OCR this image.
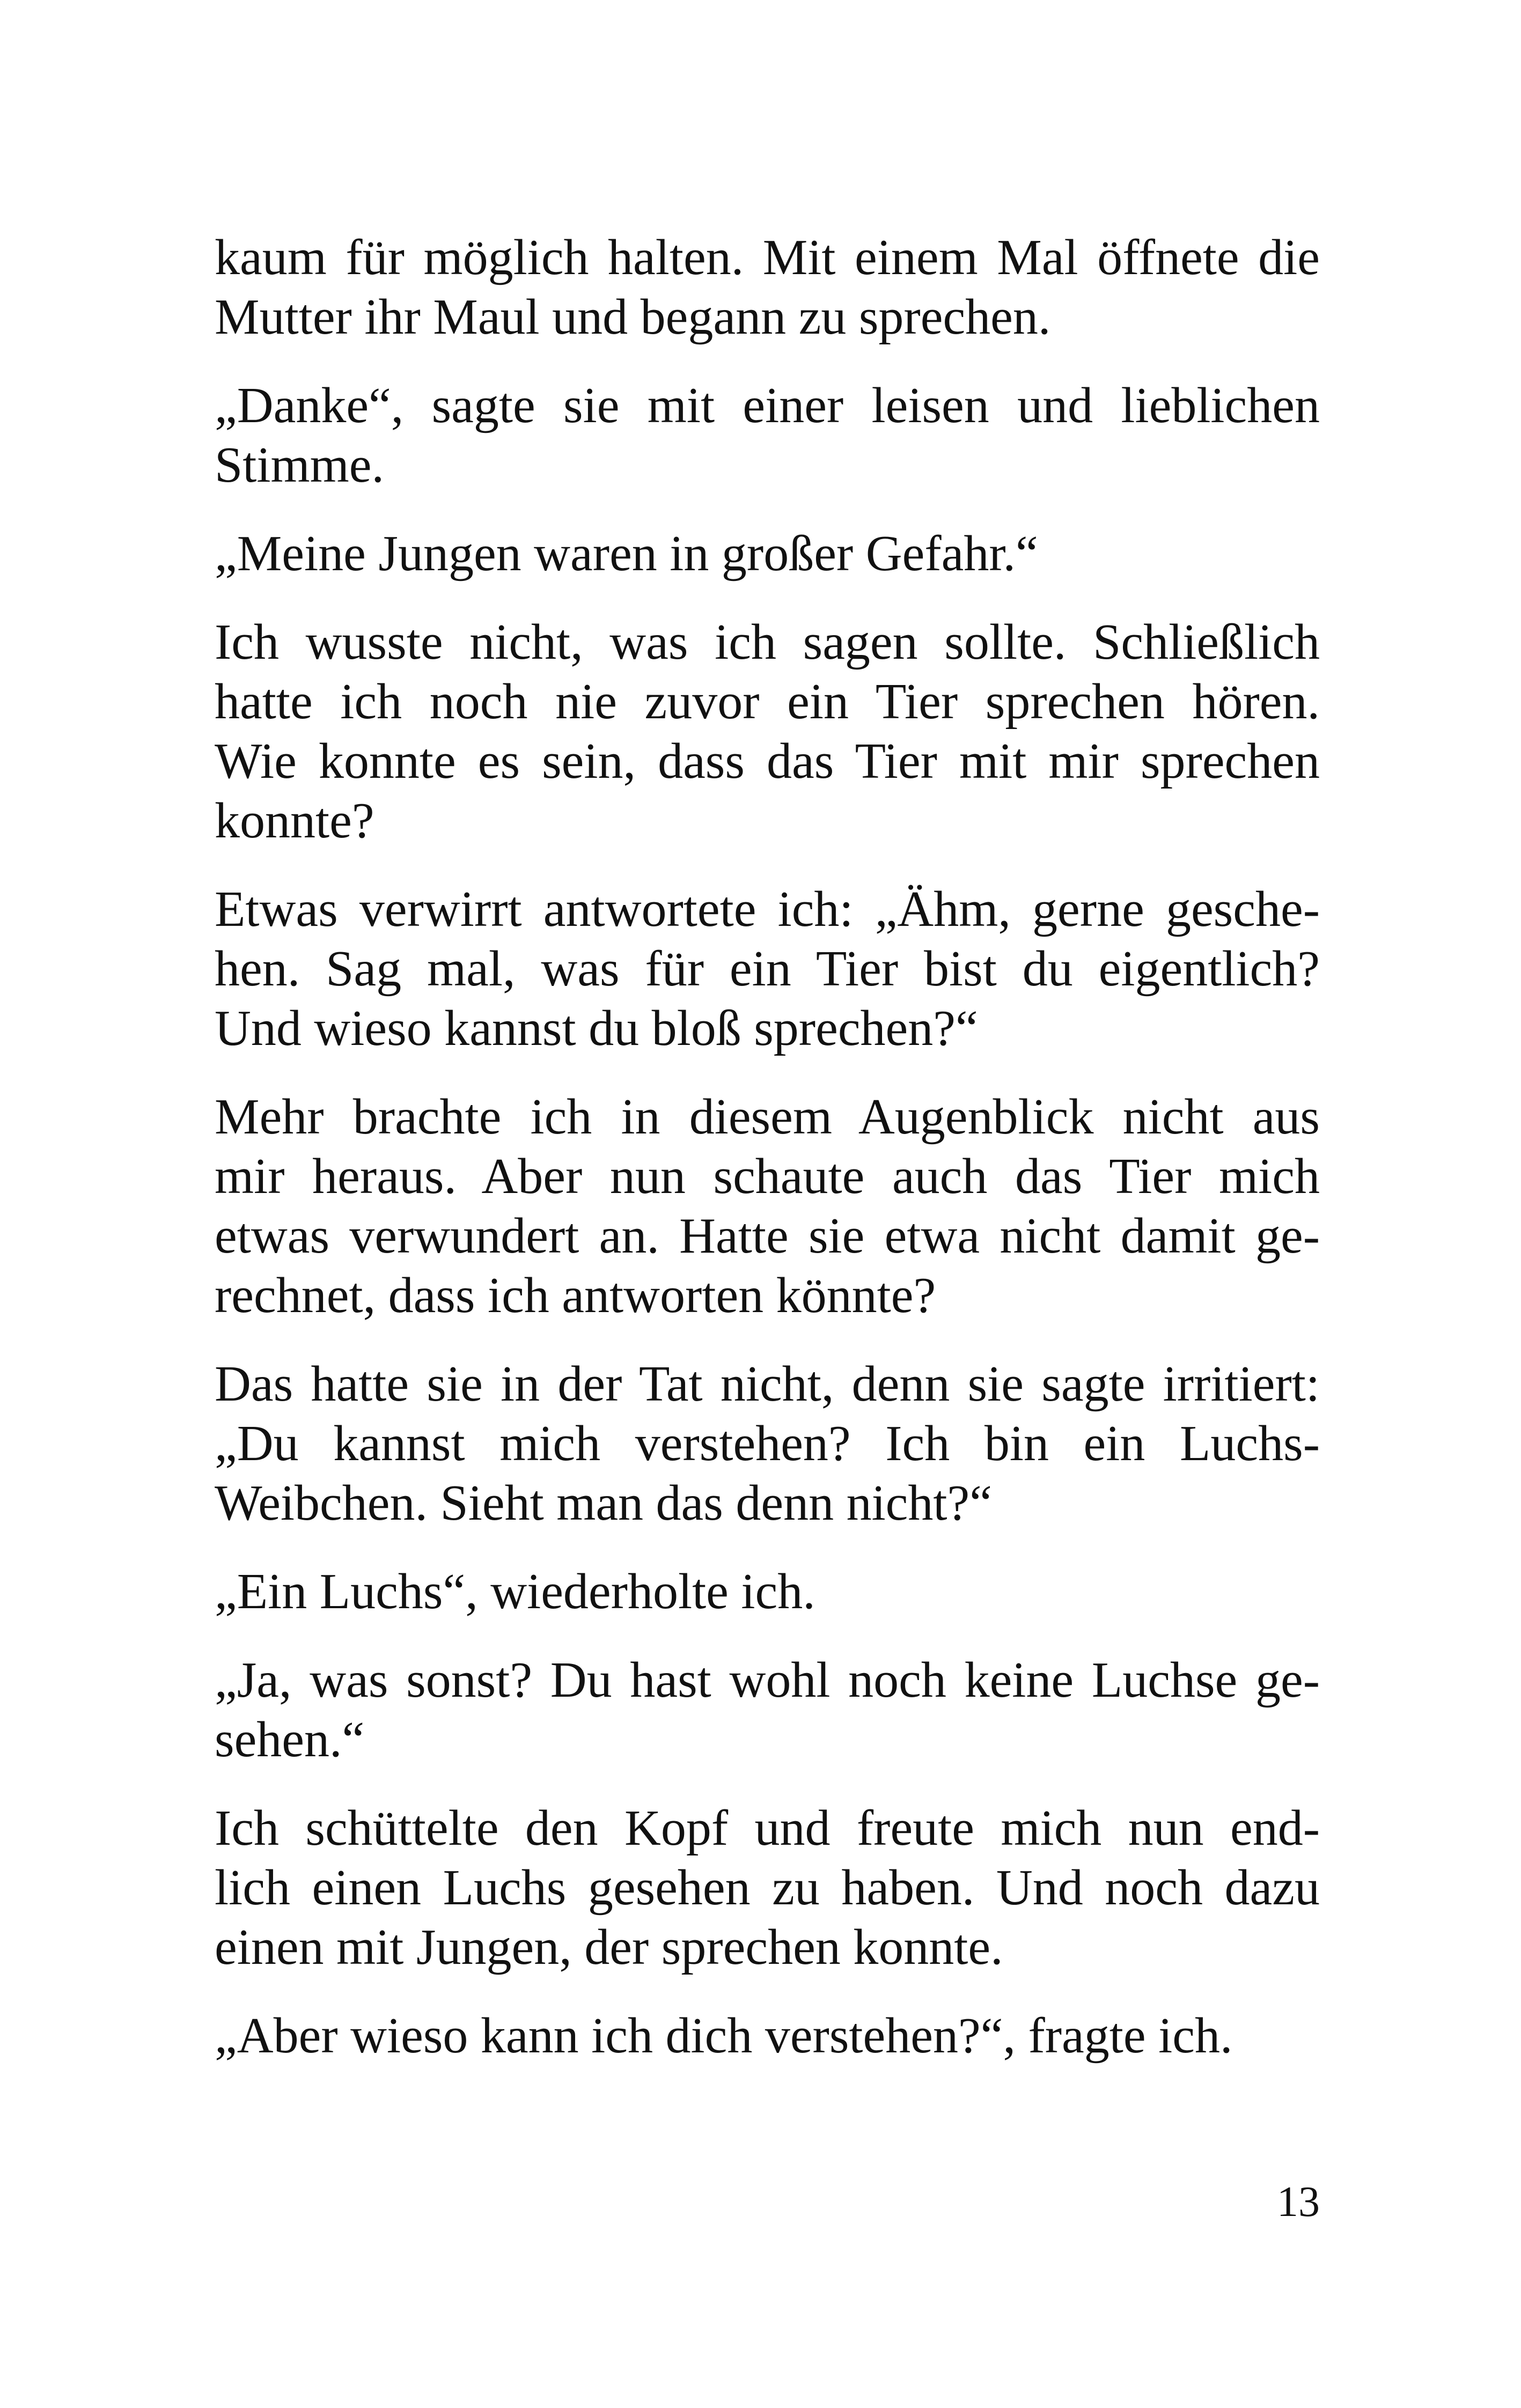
kaum für möglich halten. Mit einem Mal öffnete die
Mutter ihr Maul und begann zu sprechen.

„Danke“, sagte sie mit einer leisen und lieblichen
Stimme.

„Meine Jungen waren in großer Gefahr.“

Ich wusste nicht, was ich sagen sollte. Schließlich
hatte ich noch nie zuvor ein Tier sprechen hören.
Wie konnte es sein, dass das Tier mit mir sprechen
konnte?

Etwas verwirrt antwortete ich: „Ähm, gerne gesche-
hen. Sag mal, was für ein Tier bist du eigentlich?
Und wieso kannst du bloß sprechen?“

Mehr brachte ich in diesem Augenblick nicht aus
mir heraus. Aber nun schaute auch das Tier mich
etwas verwundert an. Hatte sie etwa nicht damit ge-
rechnet, dass ich antworten könnte?

Das hatte sie in der Tat nicht, denn sie sagte irritiert:
„Du kannst mich verstehen? Ich bin ein Luchs-
Weibchen. Sieht man das denn nicht?“

„Ein Luchs“, wiederholte ich.

„Ja, was sonst? Du hast wohl noch keine Luchse ge-
sehen.“

Ich schüttelte den Kopf und freute mich nun end-
lich einen Luchs gesehen zu haben. Und noch dazu
einen mit Jungen, der sprechen konnte.

„Aber wieso kann ich dich verstehen?“, fragte ich.

13
